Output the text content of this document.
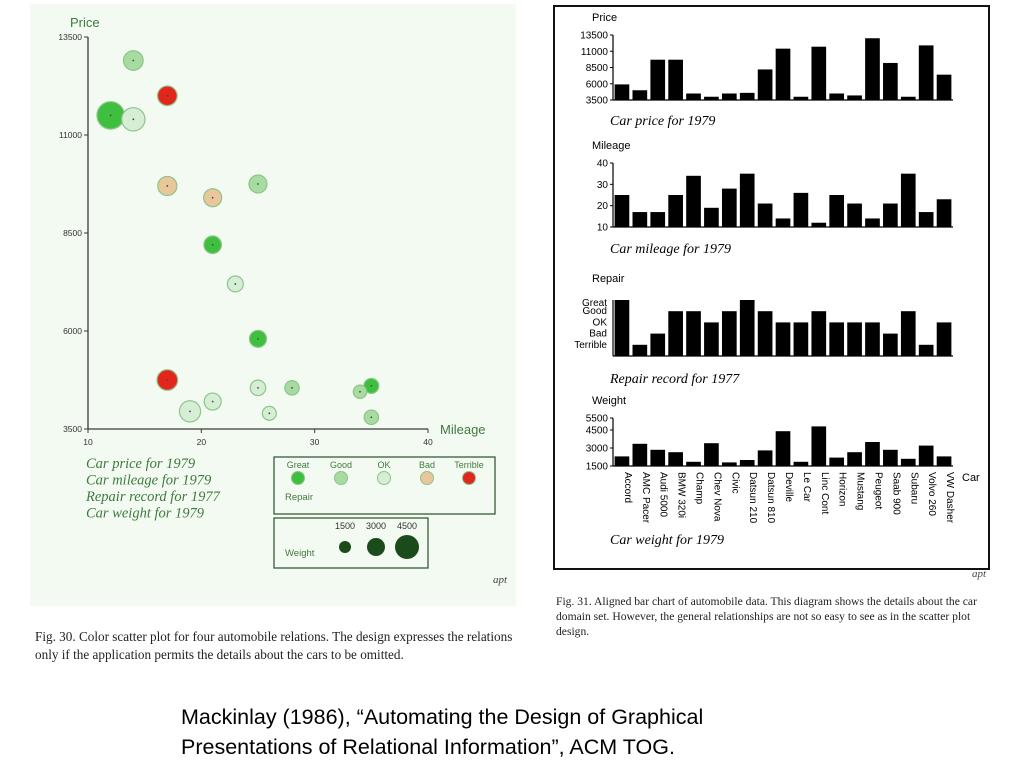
Price
Mileage
3500
6000
8500
11000
13500
10	20	30	40
Car price for 1979
Car mileage for 1979
Repair record for 1977
Car weight for 1979
Great Good	OK	Bad Terrible
Repair
1500 3000 4500
Weight
Price
3500
6000
8500
11000
13500
Car price for 1979
Mileage
10
20
30
40
Car mileage for 1979
Repair
Terrible
Bad
OK
Good
Great
Repair record for 1977
Weight
1500
3000
4500
5500
Car weight for 1979
Accord AMC Pacer Audi 5000 BMW 320i Champ Chev Nova Civic Datsun 210 Datsun 810 Deville Le Car Linc Cont Horizon Mustang Peugeot Saab 900 Subaru Volvo 260 VW Dasher Car
apt	apt
Fig. 30. Color scatter plot for four automobile relations. The design expresses the relations only if the application permits the details about the cars to be omitted.
Fig. 31. Aligned bar chart of automobile data. This diagram shows the details about the car domain set. However, the general relationships are not so easy to see as in the scatter plot design.
Mackinlay (1986), “Automating the Design of Graphical
Presentations of Relational Information”, ACM TOG.
